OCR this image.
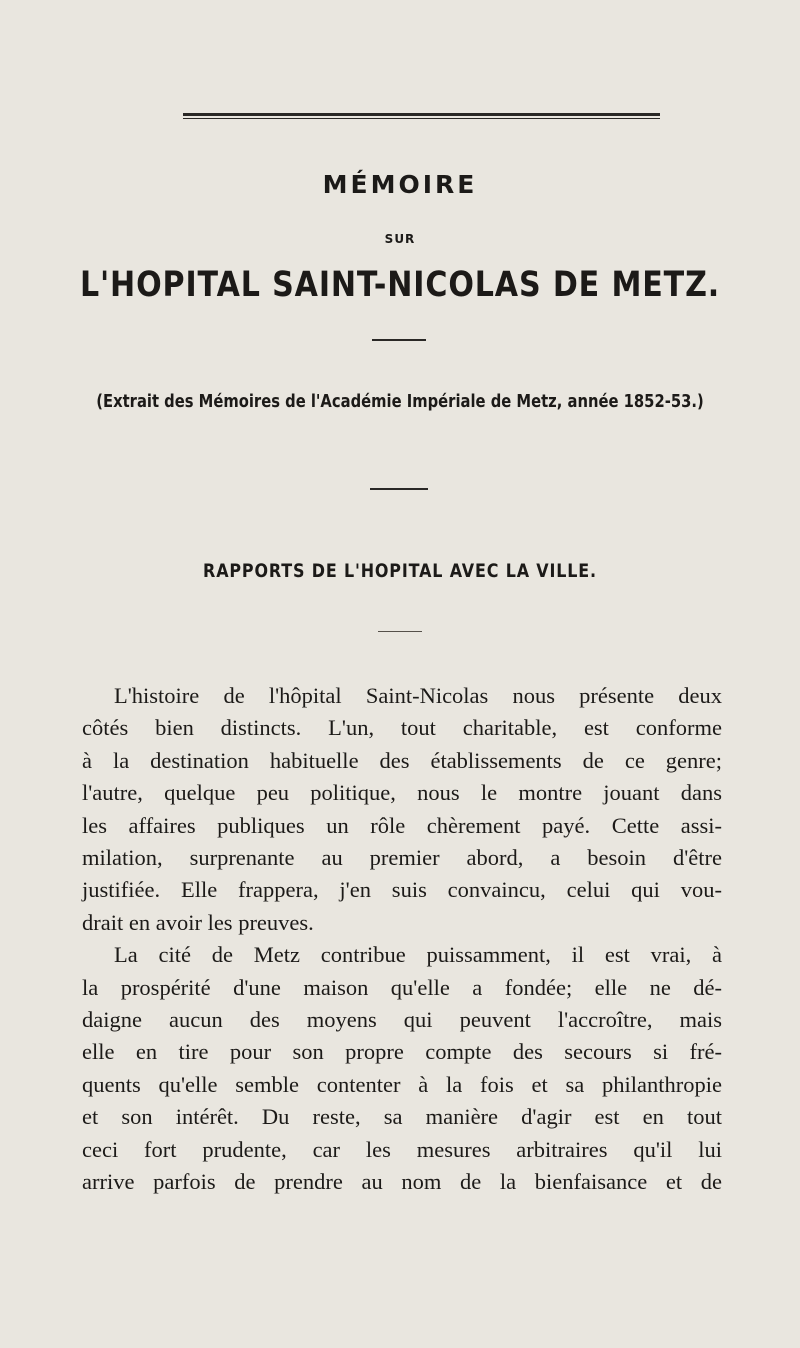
MÉMOIRE
SUR
L'HOPITAL SAINT-NICOLAS DE METZ.
(Extrait des Mémoires de l'Académie Impériale de Metz, année 1852-53.)
RAPPORTS DE L'HOPITAL AVEC LA VILLE.
L'histoire de l'hôpital Saint-Nicolas nous présente deux
côtés bien distincts. L'un, tout charitable, est conforme
à la destination habituelle des établissements de ce genre;
l'autre, quelque peu politique, nous le montre jouant dans
les affaires publiques un rôle chèrement payé. Cette assi-
milation, surprenante au premier abord, a besoin d'être
justifiée. Elle frappera, j'en suis convaincu, celui qui vou-
drait en avoir les preuves.
La cité de Metz contribue puissamment, il est vrai, à
la prospérité d'une maison qu'elle a fondée; elle ne dé-
daigne aucun des moyens qui peuvent l'accroître, mais
elle en tire pour son propre compte des secours si fré-
quents qu'elle semble contenter à la fois et sa philanthropie
et son intérêt. Du reste, sa manière d'agir est en tout
ceci fort prudente, car les mesures arbitraires qu'il lui
arrive parfois de prendre au nom de la bienfaisance et de
